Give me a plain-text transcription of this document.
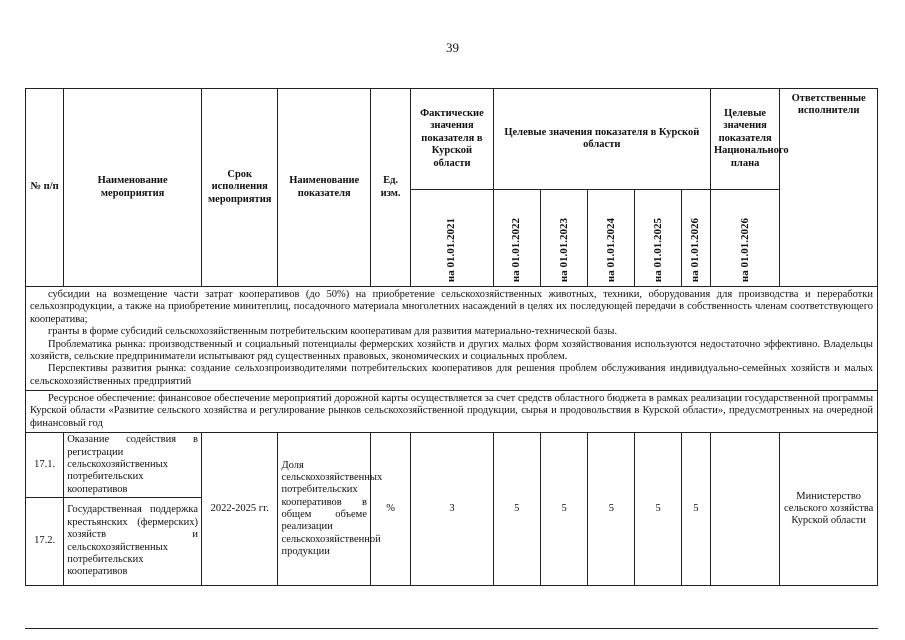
39
№ п/п	Наименование мероприятия	Срок исполнения мероприятия	Наименование показателя	Ед. изм.	Фактические значения показателя в Курской области	Целевые значения показателя в Курской области					Целевые значения показателя Национального плана	Ответственные исполнители
					на 01.01.2021	на 01.01.2022	на 01.01.2023	на 01.01.2024	на 01.01.2025	на 01.01.2026	на 01.01.2026	

субсидии на возмещение части затрат кооперативов (до 50%) на приобретение сельскохозяйственных животных, техники, оборудования для производства и переработки сельхозпродукции, а также на приобретение минитеплиц, посадочного материала многолетних насаждений в целях их последующей передачи в собственность членам соответствующего кооператива;

гранты в форме субсидий сельскохозяйственным потребительским кооперативам для развития материально-технической базы.

Проблематика рынка: производственный и социальный потенциалы фермерских хозяйств и других малых форм хозяйствования используются недостаточно эффективно. Владельцы хозяйств, сельские предприниматели испытывают ряд существенных правовых, экономических и социальных проблем.

Перспективы развития рынка: создание сельхозпроизводителями потребительских кооперативов для решения проблем обслуживания индивидуально-семейных хозяйств и малых сельскохозяйственных предприятий												

Ресурсное обеспечение: финансовое обеспечение мероприятий дорожной карты осуществляется за счет средств областного бюджета в рамках реализации государственной программы Курской области «Развитие сельского хозяйства и регулирование рынков сельскохозяйственной продукции, сырья и продовольствия в Курской области», предусмотренных на очередной финансовый год												
17.1.	Оказание содействия в регистрации сельскохозяйственных потребительских кооперативов	2022-2025 гг.	Доля сельскохозяйственных потребительских кооперативов в общем объеме реализации сельскохозяйственной продукции	%	3	5	5	5	5	5		Министерство сельского хозяйства Курской области
17.2.	Государственная поддержка крестьянских (фермерских) хозяйств и сельскохозяйственных потребительских кооперативов											
